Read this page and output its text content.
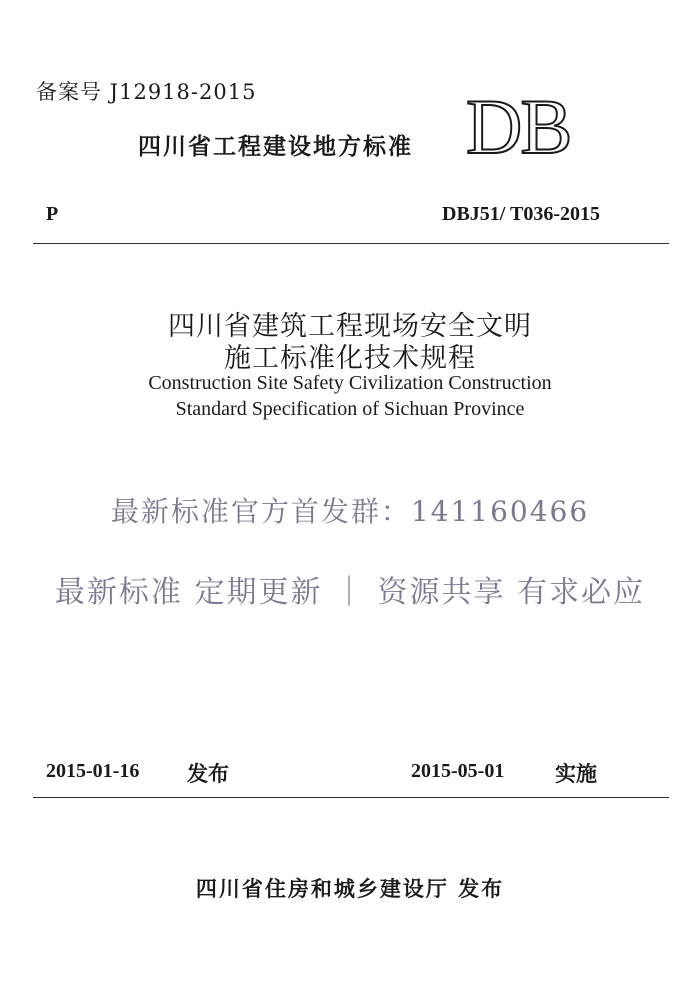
备案号 J12918-2015
四川省工程建设地方标准 DB
P	DBJ51/ T036-2015
四川省建筑工程现场安全文明
施工标准化技术规程
Construction Site Safety Civilization Construction
Standard Specification of Sichuan Province
最新标准官方首发群：141160466
最新标准 定期更新 ｜ 资源共享 有求必应
2015-01-16 发布	2015-05-01 实施
四川省住房和城乡建设厅 发布
